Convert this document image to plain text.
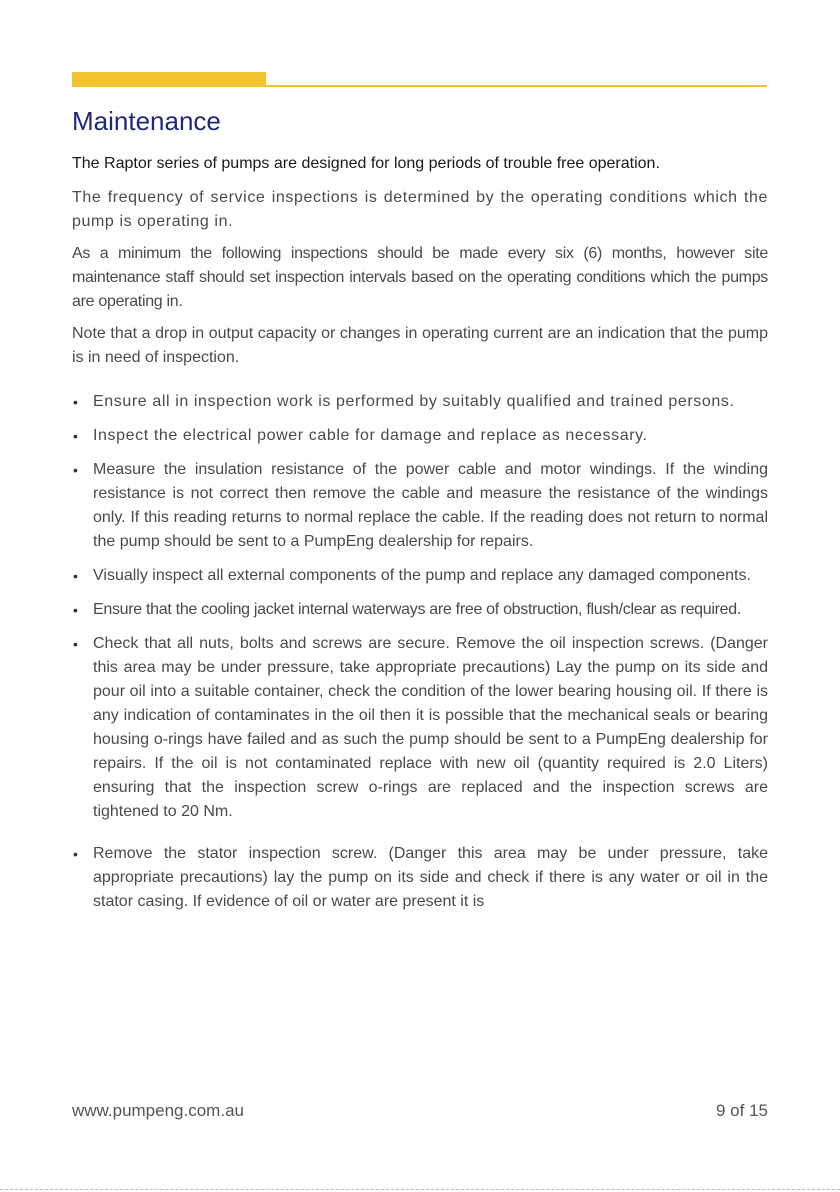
Maintenance

The Raptor series of pumps are designed for long periods of trouble free operation.

The frequency of service inspections is determined by the operating conditions which the pump is operating in.

As a minimum the following inspections should be made every six (6) months, however site maintenance staff should set inspection intervals based on the operating conditions which the pumps are operating in.

Note that a drop in output capacity or changes in operating current are an indication that the pump is in need of inspection.

• Ensure all in inspection work is performed by suitably qualified and trained persons.
• Inspect the electrical power cable for damage and replace as necessary.
• Measure the insulation resistance of the power cable and motor windings. If the winding resistance is not correct then remove the cable and measure the resistance of the windings only. If this reading returns to normal replace the cable. If the reading does not return to normal the pump should be sent to a PumpEng dealership for repairs.
• Visually inspect all external components of the pump and replace any damaged components.
• Ensure that the cooling jacket internal waterways are free of obstruction, flush/clear as required.
• Check that all nuts, bolts and screws are secure. Remove the oil inspection screws. (Danger this area may be under pressure, take appropriate precautions) Lay the pump on its side and pour oil into a suitable container, check the condition of the lower bearing housing oil. If there is any indication of contaminates in the oil then it is possible that the mechanical seals or bearing housing o-rings have failed and as such the pump should be sent to a PumpEng dealership for repairs. If the oil is not contaminated replace with new oil (quantity required is 2.0 Liters) ensuring that the inspection screw o-rings are replaced and the inspection screws are tightened to 20 Nm.
• Remove the stator inspection screw. (Danger this area may be under pressure, take appropriate precautions) lay the pump on its side and check if there is any water or oil in the stator casing. If evidence of oil or water are present it is
www.pumpeng.com.au	9 of 15
